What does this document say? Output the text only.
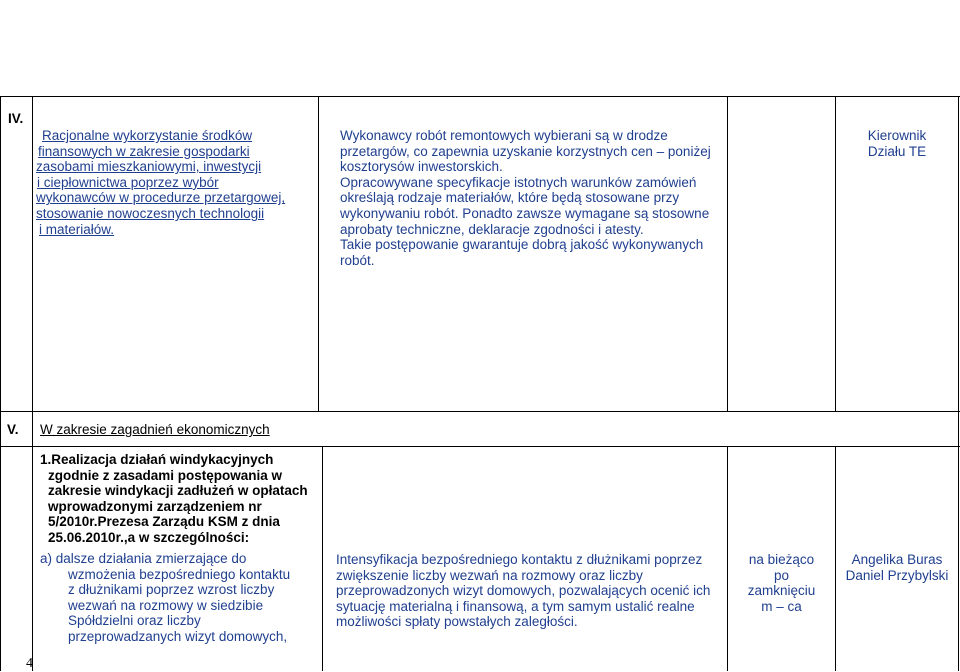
IV.
Racjonalne wykorzystanie środków
finansowych w zakresie gospodarki
zasobami mieszkaniowymi, inwestycji
i ciepłownictwa poprzez wybór
wykonawców w procedurze przetargowej,
stosowanie nowoczesnych technologii
i materiałów.
Wykonawcy robót remontowych wybierani są w drodze
przetargów, co zapewnia uzyskanie korzystnych cen – poniżej
kosztorysów inwestorskich.
Opracowywane specyfikacje istotnych warunków zamówień
określają rodzaje materiałów, które będą stosowane przy
wykonywaniu robót. Ponadto zawsze wymagane są stosowne
aprobaty techniczne, deklaracje zgodności i atesty.
Takie postępowanie gwarantuje dobrą jakość wykonywanych
robót.
Kierownik
Działu TE
V. W zakresie zagadnień ekonomicznych
1.Realizacja działań windykacyjnych
zgodnie z zasadami postępowania w
zakresie windykacji zadłużeń w opłatach
wprowadzonymi zarządzeniem nr
5/2010r.Prezesa Zarządu KSM z dnia
25.06.2010r.,a w szczególności:
a) dalsze działania zmierzające do
wzmożenia bezpośredniego kontaktu
z dłużnikami poprzez wzrost liczby
wezwań na rozmowy w siedzibie
Spółdzielni oraz liczby
przeprowadzanych wizyt domowych,
Intensyfikacja bezpośredniego kontaktu z dłużnikami poprzez
zwiększenie liczby wezwań na rozmowy oraz liczby
przeprowadzonych wizyt domowych, pozwalających ocenić ich
sytuację materialną i finansową, a tym samym ustalić realne
możliwości spłaty powstałych zaległości.
na bieżąco
po
zamknięciu
m – ca
Angelika Buras
Daniel Przybylski
4
